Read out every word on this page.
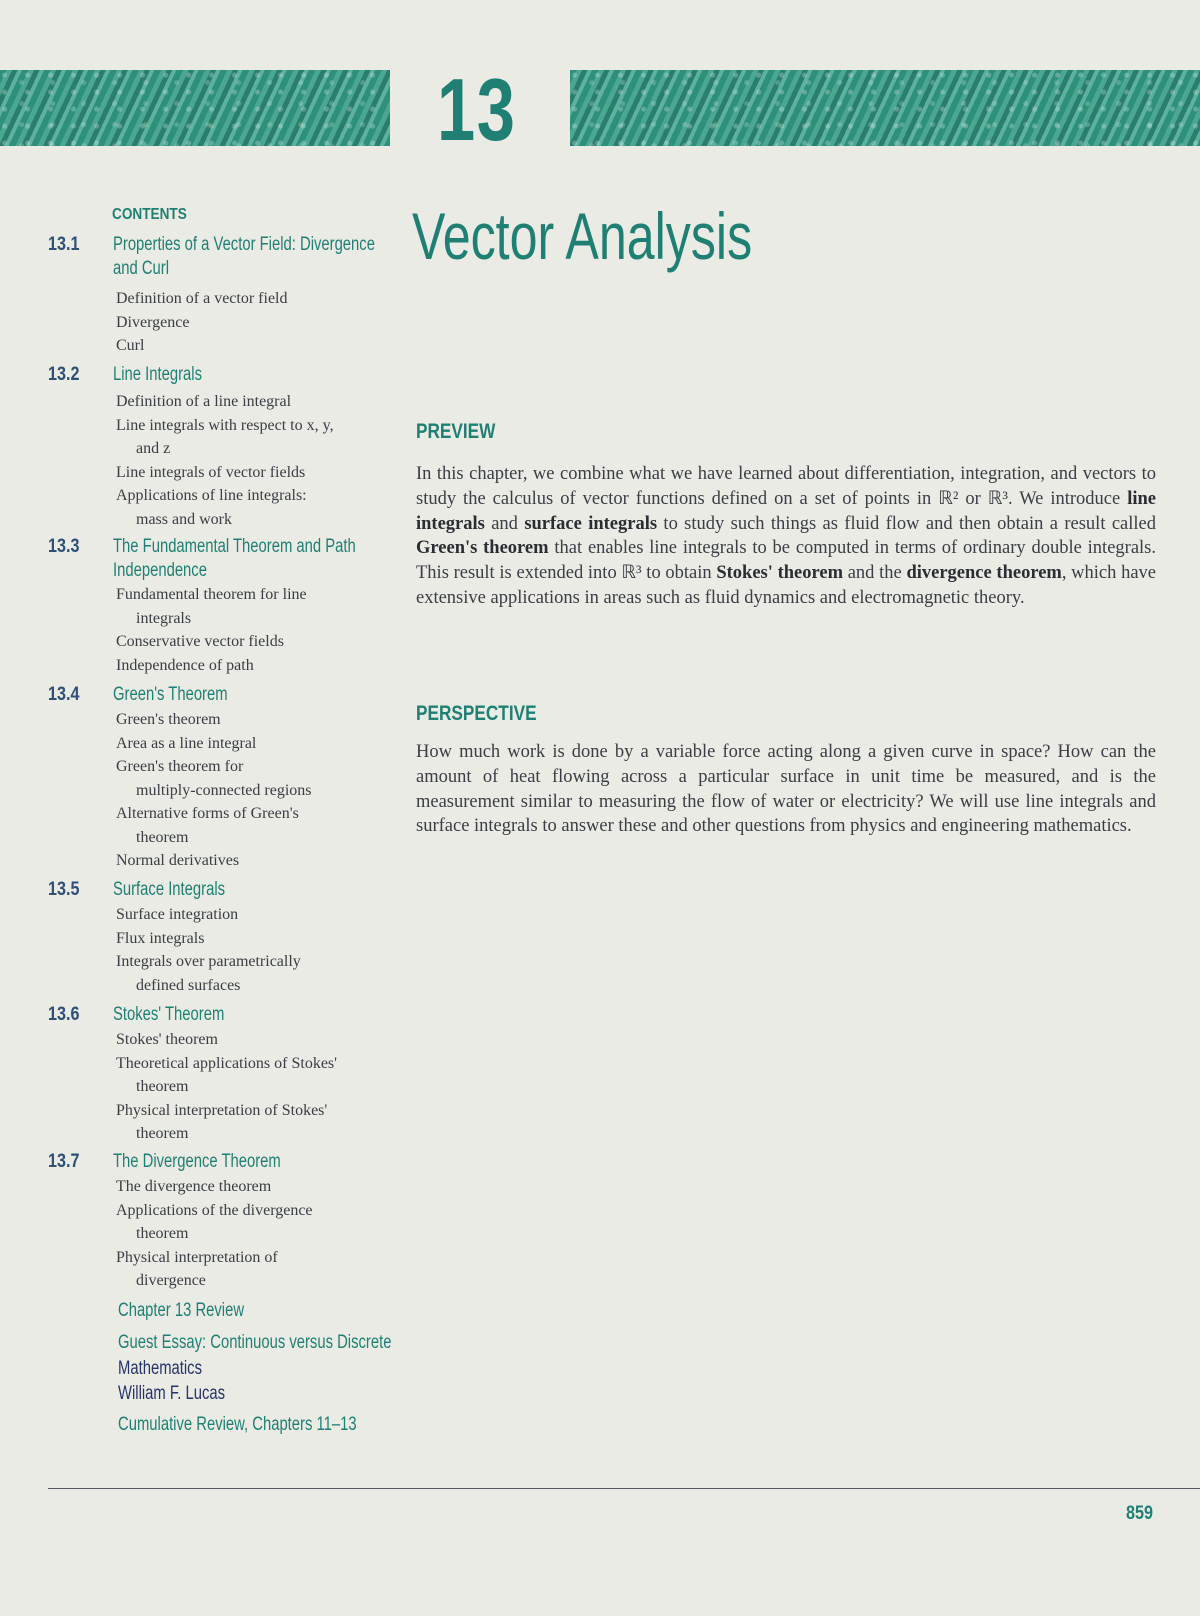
13
Vector Analysis

CONTENTS

13.1 Properties of a Vector Field: Divergence
and Curl
Definition of a vector field
Divergence
Curl
13.2 Line Integrals
Definition of a line integral
Line integrals with respect to x, y,
and z
Line integrals of vector fields
Applications of line integrals:
mass and work
13.3 The Fundamental Theorem and Path
Independence
Fundamental theorem for line
integrals
Conservative vector fields
Independence of path
13.4 Green's Theorem
Green's theorem
Area as a line integral
Green's theorem for
multiply-connected regions
Alternative forms of Green's
theorem
Normal derivatives
13.5 Surface Integrals
Surface integration
Flux integrals
Integrals over parametrically
defined surfaces
13.6 Stokes' Theorem
Stokes' theorem
Theoretical applications of Stokes'
theorem
Physical interpretation of Stokes'
theorem
13.7 The Divergence Theorem
The divergence theorem
Applications of the divergence
theorem
Physical interpretation of
divergence
Chapter 13 Review
Guest Essay: Continuous versus Discrete
Mathematics
William F. Lucas
Cumulative Review, Chapters 11–13
PREVIEW

In this chapter, we combine what we have learned about differentiation, integration, and vectors to study the calculus of vector functions defined on a set of points in ℝ² or ℝ³. We introduce line integrals and surface integrals to study such things as fluid flow and then obtain a result called Green's theorem that enables line integrals to be computed in terms of ordinary double integrals. This result is extended into ℝ³ to obtain Stokes' theorem and the divergence theorem, which have extensive applications in areas such as fluid dynamics and electromagnetic theory.

PERSPECTIVE

How much work is done by a variable force acting along a given curve in space? How can the amount of heat flowing across a particular surface in unit time be measured, and is the measurement similar to measuring the flow of water or electricity? We will use line integrals and surface integrals to answer these and other questions from physics and engineering mathematics.

859
